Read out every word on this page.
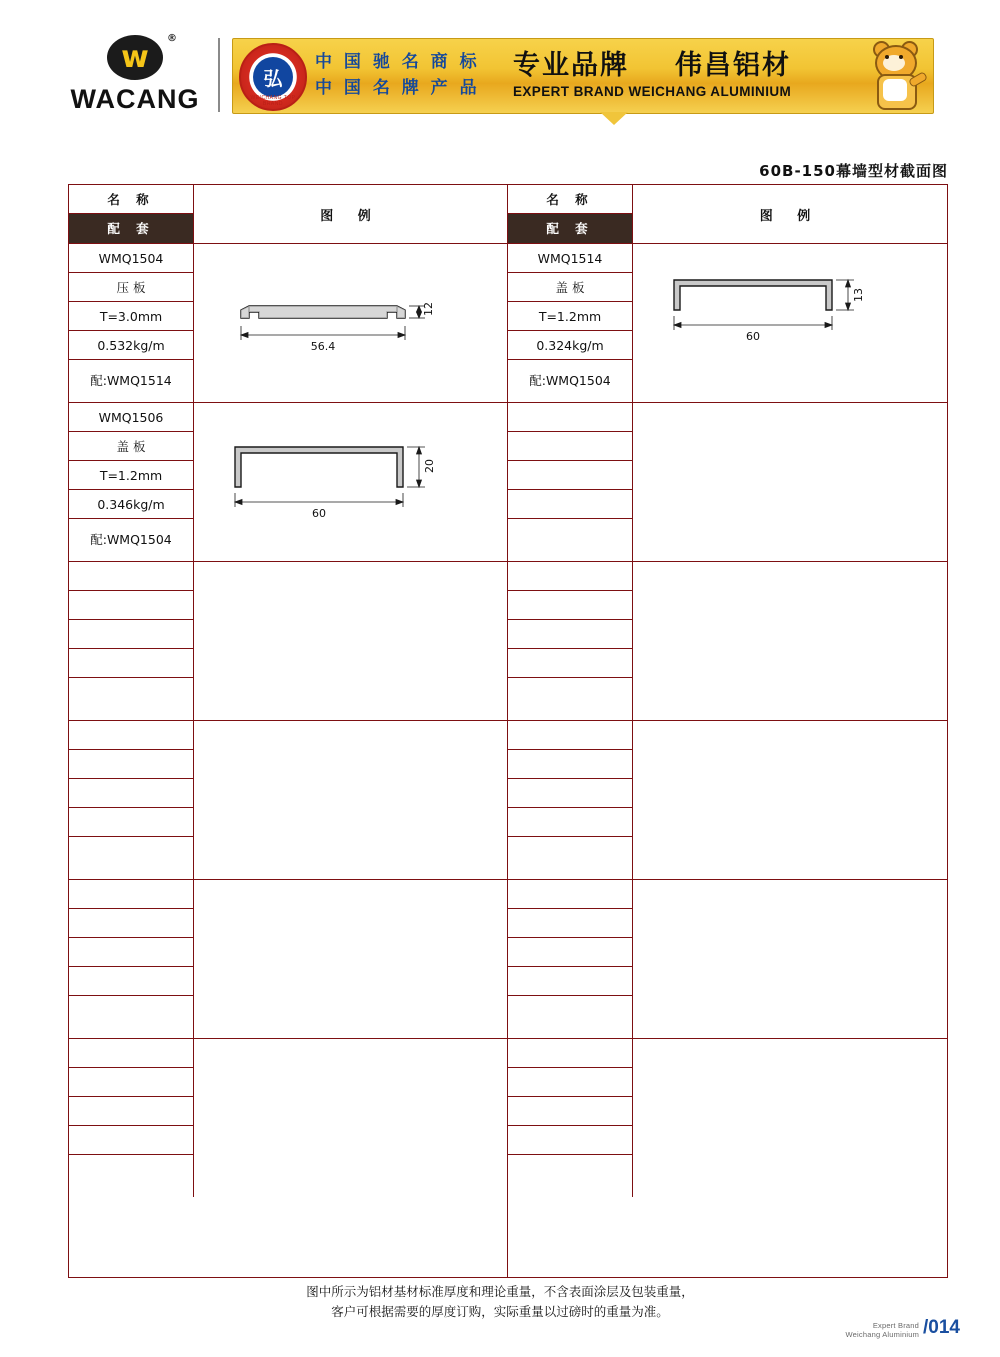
w
®
WACANG
弘
WEICHANG TOP BRAND
中 国 驰 名 商 标
中 国 名 牌 产 品
专业品牌 伟昌铝材
EXPERT BRAND WEICHANG ALUMINIUM
60B-150幕墙型材截面图
名 称
配 套
图 例
WMQ1504
压 板
T=3.0mm
0.532kg/m
配:WMQ1514
56.4
12
WMQ1506
盖 板
T=1.2mm
0.346kg/m
配:WMQ1504
60
20
名 称
配 套
图 例
WMQ1514
盖 板
T=1.2mm
0.324kg/m
配:WMQ1504
60
13
图中所示为铝材基材标准厚度和理论重量，不含表面涂层及包装重量，
客户可根据需要的厚度订购，实际重量以过磅时的重量为准。
Expert Brand
Weichang Aluminium /014
